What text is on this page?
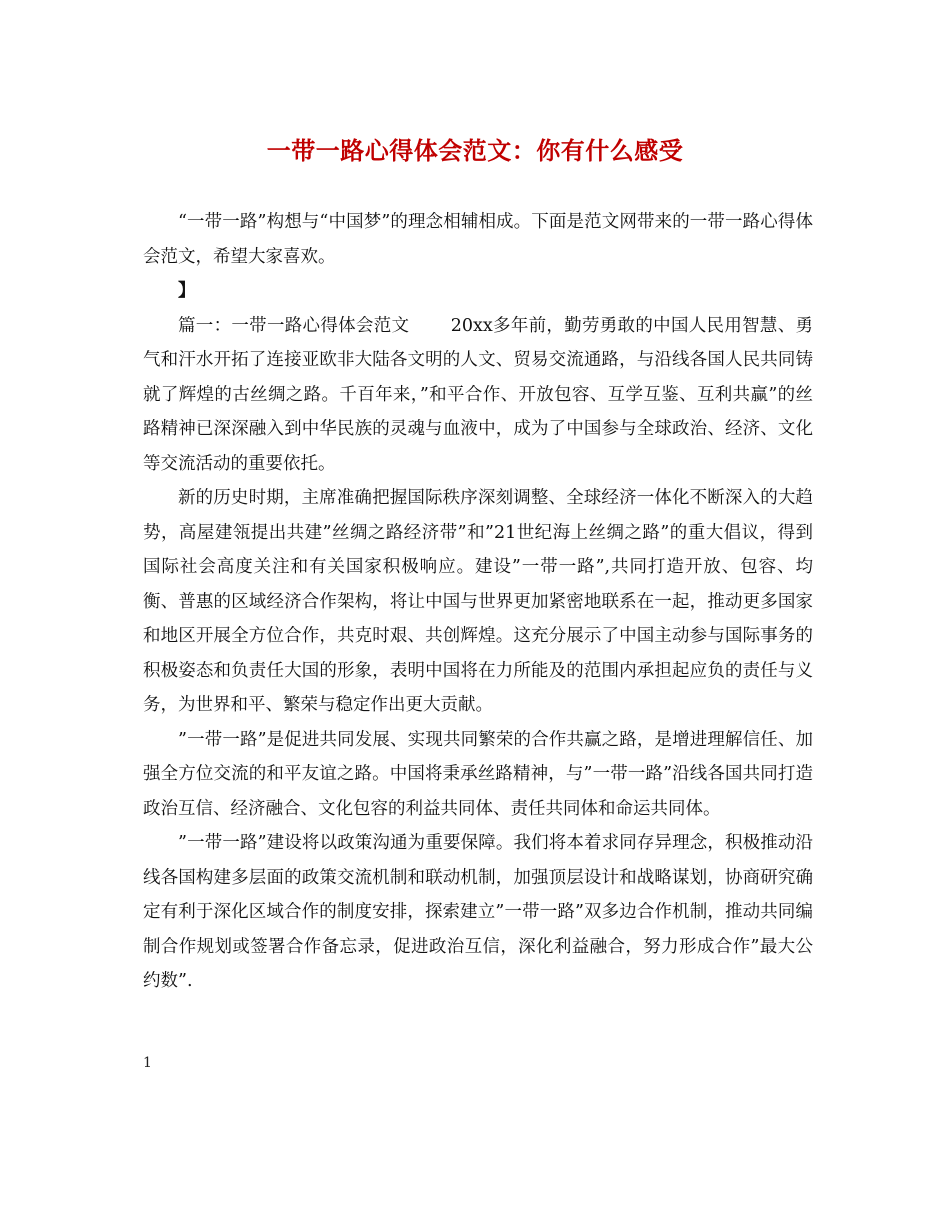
一带一路心得体会范文：你有什么感受

“一带一路”构想与“中国梦”的理念相辅相成。下面是范文网带来的一带一路心得体会范文，希望大家喜欢。

】

篇一：一带一路心得体会范文　　 20xx多年前，勤劳勇敢的中国人民用智慧、勇气和汗水开拓了连接亚欧非大陆各文明的人文、贸易交流通路，与沿线各国人民共同铸就了辉煌的古丝绸之路。千百年来，”和平合作、开放包容、互学互鉴、互利共赢”的丝路精神已深深融入到中华民族的灵魂与血液中，成为了中国参与全球政治、经济、文化等交流活动的重要依托。

新的历史时期，主席准确把握国际秩序深刻调整、全球经济一体化不断深入的大趋势，高屋建瓴提出共建”丝绸之路经济带”和”21世纪海上丝绸之路”的重大倡议，得到国际社会高度关注和有关国家积极响应。建设”一带一路”,共同打造开放、包容、均衡、普惠的区域经济合作架构，将让中国与世界更加紧密地联系在一起，推动更多国家和地区开展全方位合作，共克时艰、共创辉煌。这充分展示了中国主动参与国际事务的积极姿态和负责任大国的形象，表明中国将在力所能及的范围内承担起应负的责任与义务，为世界和平、繁荣与稳定作出更大贡献。

”一带一路”是促进共同发展、实现共同繁荣的合作共赢之路，是增进理解信任、加强全方位交流的和平友谊之路。中国将秉承丝路精神，与”一带一路”沿线各国共同打造政治互信、经济融合、文化包容的利益共同体、责任共同体和命运共同体。

”一带一路”建设将以政策沟通为重要保障。我们将本着求同存异理念，积极推动沿线各国构建多层面的政策交流机制和联动机制，加强顶层设计和战略谋划，协商研究确定有利于深化区域合作的制度安排，探索建立”一带一路”双多边合作机制，推动共同编制合作规划或签署合作备忘录，促进政治互信，深化利益融合，努力形成合作”最大公约数”.

1
